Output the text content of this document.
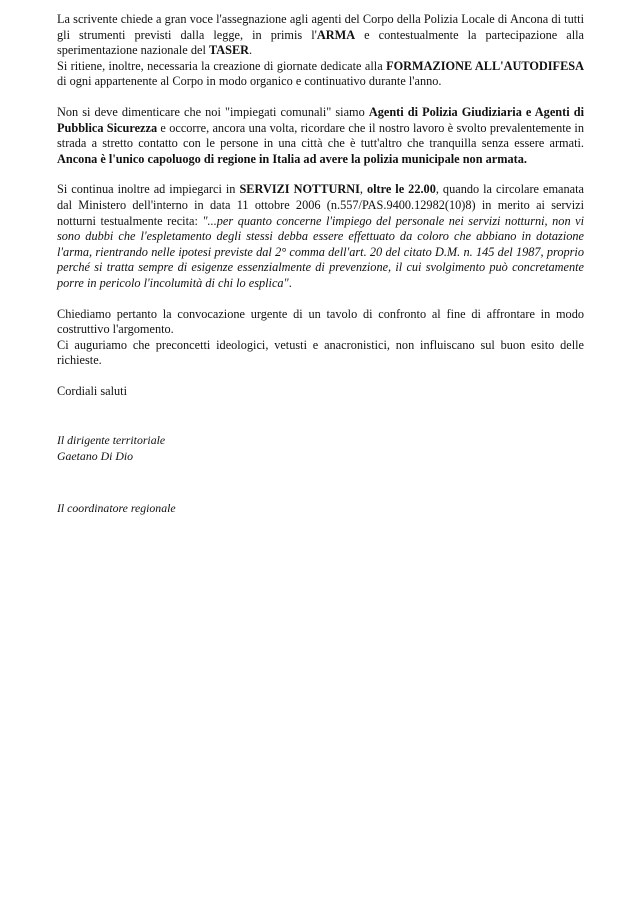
La scrivente chiede a gran voce l'assegnazione agli agenti del Corpo della Polizia Locale di Ancona di tutti gli strumenti previsti dalla legge, in primis l'ARMA e contestualmente la partecipazione alla sperimentazione nazionale del TASER.

Si ritiene, inoltre, necessaria la creazione di giornate dedicate alla FORMAZIONE ALL'AUTODIFESA di ogni appartenente al Corpo in modo organico e continuativo durante l'anno.

Non si deve dimenticare che noi "impiegati comunali" siamo Agenti di Polizia Giudiziaria e Agenti di Pubblica Sicurezza e occorre, ancora una volta, ricordare che il nostro lavoro è svolto prevalentemente in strada a stretto contatto con le persone in una città che è tutt'altro che tranquilla senza essere armati. Ancona è l'unico capoluogo di regione in Italia ad avere la polizia municipale non armata.

Si continua inoltre ad impiegarci in SERVIZI NOTTURNI, oltre le 22.00, quando la circolare emanata dal Ministero dell'interno in data 11 ottobre 2006 (n.557/PAS.9400.12982(10)8) in merito ai servizi notturni testualmente recita: "...per quanto concerne l'impiego del personale nei servizi notturni, non vi sono dubbi che l'espletamento degli stessi debba essere effettuato da coloro che abbiano in dotazione l'arma, rientrando nelle ipotesi previste dal 2° comma dell'art. 20 del citato D.M. n. 145 del 1987, proprio perché si tratta sempre di esigenze essenzialmente di prevenzione, il cui svolgimento può concretamente porre in pericolo l'incolumità di chi lo esplica".

Chiediamo pertanto la convocazione urgente di un tavolo di confronto al fine di affrontare in modo costruttivo l'argomento.

Ci auguriamo che preconcetti ideologici, vetusti e anacronistici, non influiscano sul buon esito delle richieste.

Cordiali saluti

Il dirigente territoriale

Gaetano Di Dio

Il coordinatore regionale
